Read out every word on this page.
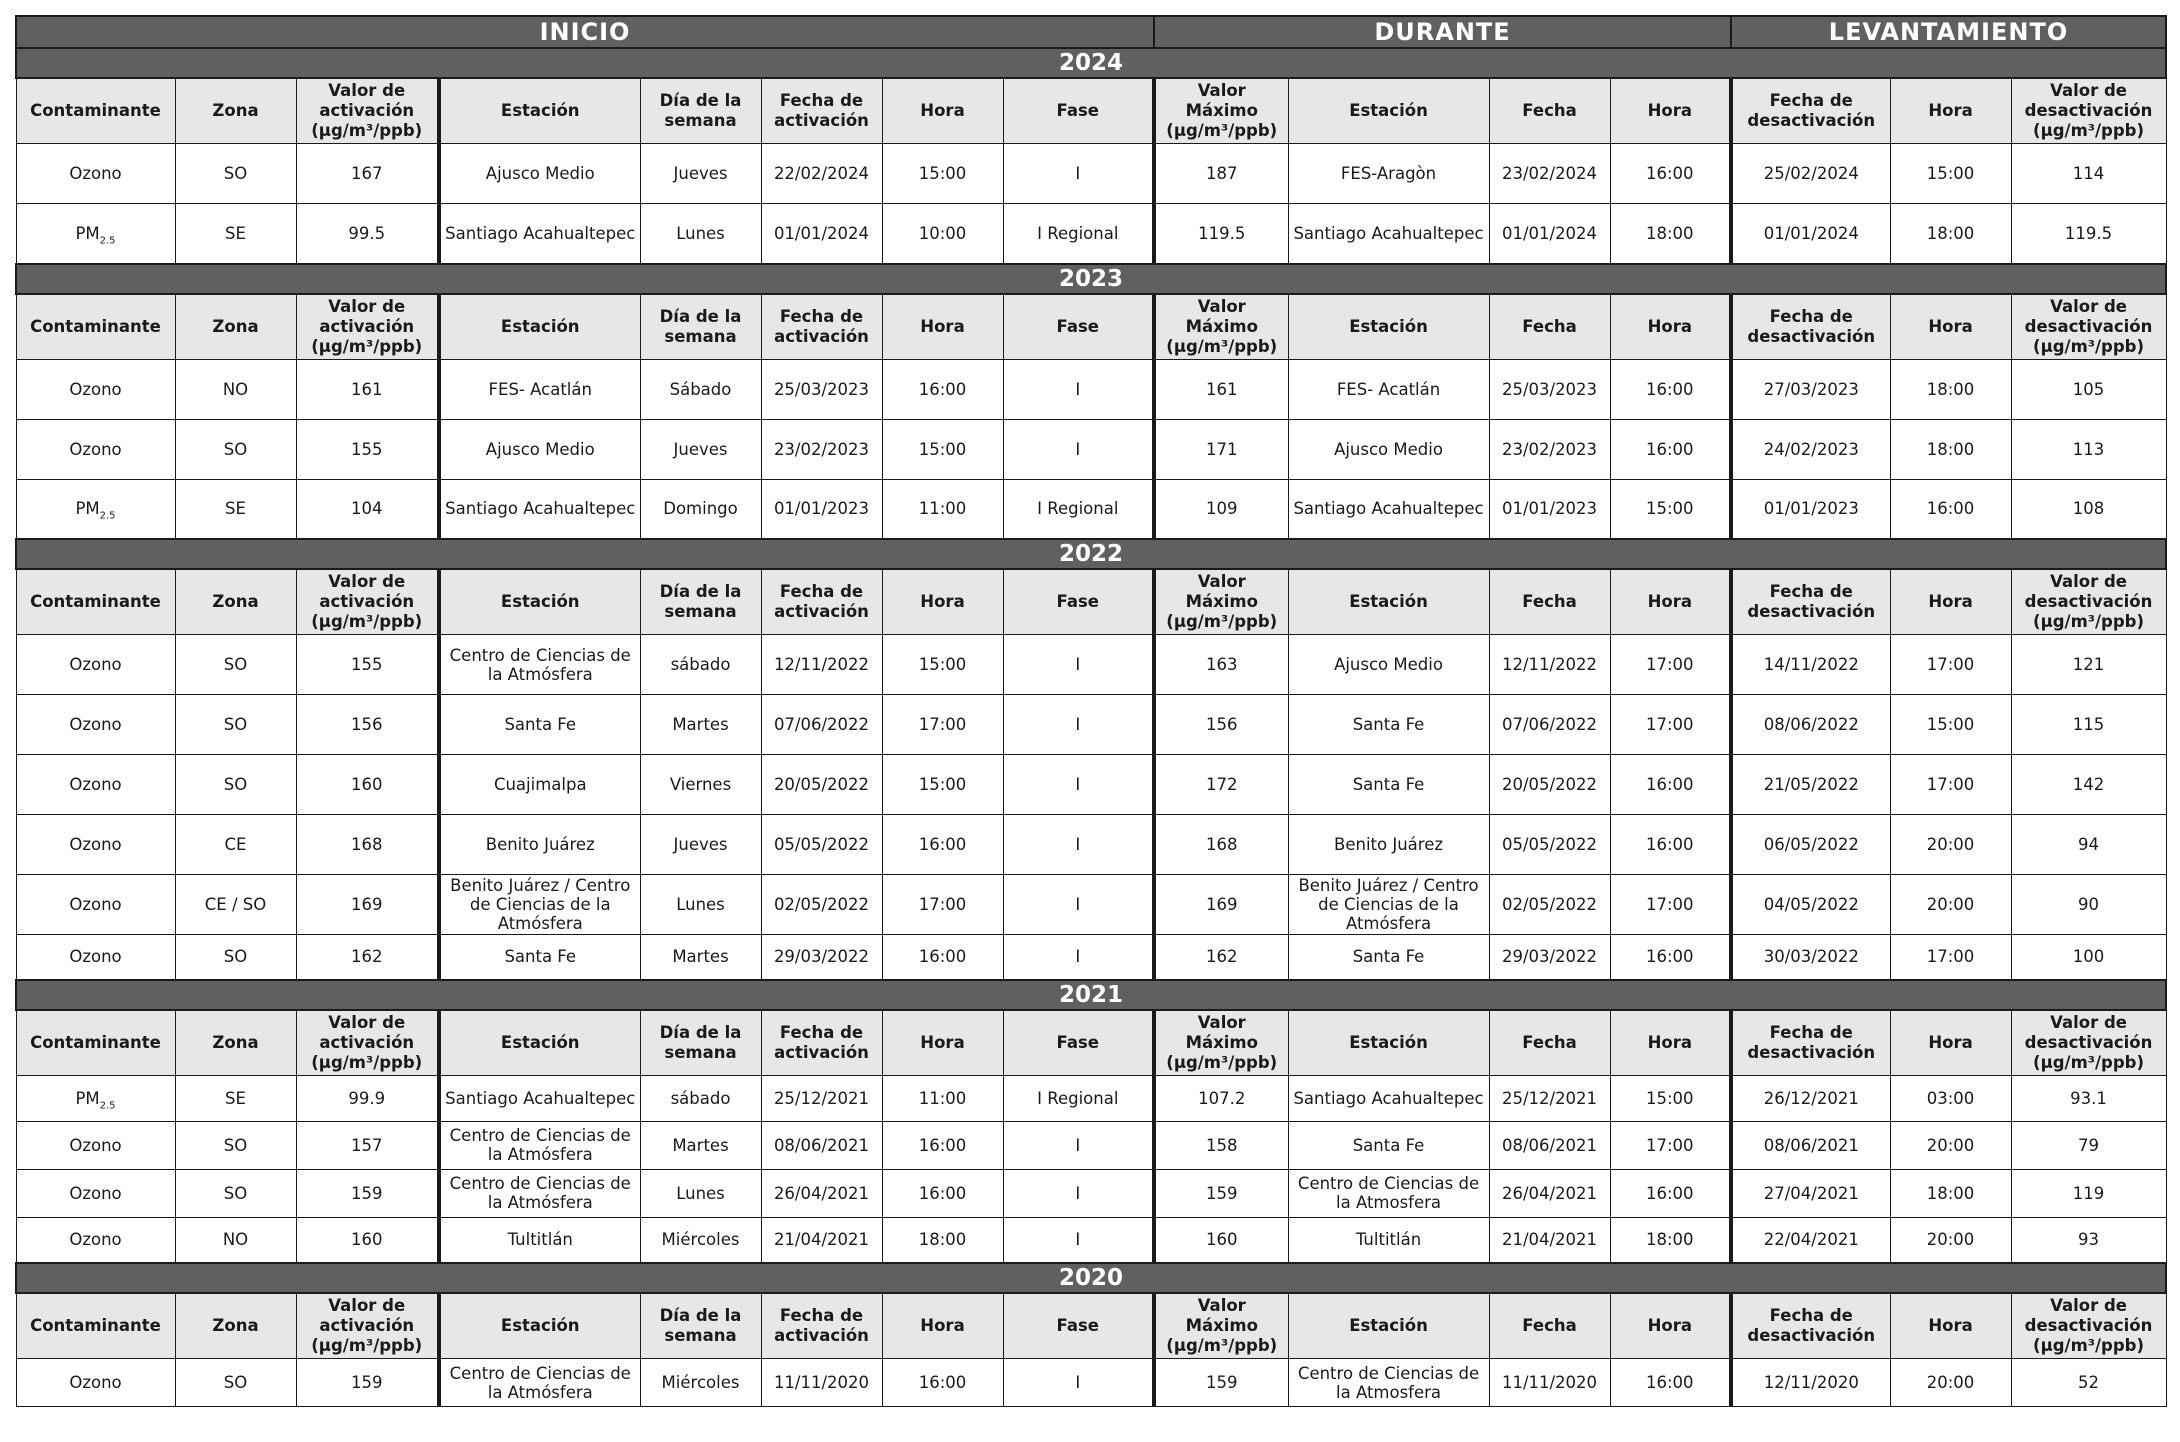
INICIO								DURANTE				LEVANTAMIENTO		
2024														
Contaminante	Zona	Valor de activación (µg/m³/ppb)	Estación	Día de la semana	Fecha de activación	Hora	Fase	Valor Máximo (µg/m³/ppb)	Estación	Fecha	Hora	Fecha de desactivación	Hora	Valor de desactivación (µg/m³/ppb)
Ozono	SO	167	Ajusco Medio	Jueves	22/02/2024	15:00	I	187	FES-Aragòn	23/02/2024	16:00	25/02/2024	15:00	114
$PM_{2.5}$	SE	99.5	Santiago Acahualtepec	Lunes	01/01/2024	10:00	I Regional	119.5	Santiago Acahualtepec	01/01/2024	18:00	01/01/2024	18:00	119.5
2023														
Contaminante	Zona	Valor de activación (µg/m³/ppb)	Estación	Día de la semana	Fecha de activación	Hora	Fase	Valor Máximo (µg/m³/ppb)	Estación	Fecha	Hora	Fecha de desactivación	Hora	Valor de desactivación (µg/m³/ppb)
Ozono	NO	161	FES- Acatlán	Sábado	25/03/2023	16:00	I	161	FES- Acatlán	25/03/2023	16:00	27/03/2023	18:00	105
Ozono	SO	155	Ajusco Medio	Jueves	23/02/2023	15:00	I	171	Ajusco Medio	23/02/2023	16:00	24/02/2023	18:00	113
$PM_{2.5}$	SE	104	Santiago Acahualtepec	Domingo	01/01/2023	11:00	I Regional	109	Santiago Acahualtepec	01/01/2023	15:00	01/01/2023	16:00	108
2022														
Contaminante	Zona	Valor de activación (µg/m³/ppb)	Estación	Día de la semana	Fecha de activación	Hora	Fase	Valor Máximo (µg/m³/ppb)	Estación	Fecha	Hora	Fecha de desactivación	Hora	Valor de desactivación (µg/m³/ppb)
Ozono	SO	155	Centro de Ciencias de la Atmósfera	sábado	12/11/2022	15:00	I	163	Ajusco Medio	12/11/2022	17:00	14/11/2022	17:00	121
Ozono	SO	156	Santa Fe	Martes	07/06/2022	17:00	I	156	Santa Fe	07/06/2022	17:00	08/06/2022	15:00	115
Ozono	SO	160	Cuajimalpa	Viernes	20/05/2022	15:00	I	172	Santa Fe	20/05/2022	16:00	21/05/2022	17:00	142
Ozono	CE	168	Benito Juárez	Jueves	05/05/2022	16:00	I	168	Benito Juárez	05/05/2022	16:00	06/05/2022	20:00	94
Ozono	CE / SO	169	Benito Juárez / Centro de Ciencias de la Atmósfera	Lunes	02/05/2022	17:00	I	169	Benito Juárez / Centro de Ciencias de la Atmósfera	02/05/2022	17:00	04/05/2022	20:00	90
Ozono	SO	162	Santa Fe	Martes	29/03/2022	16:00	I	162	Santa Fe	29/03/2022	16:00	30/03/2022	17:00	100
2021														
Contaminante	Zona	Valor de activación (µg/m³/ppb)	Estación	Día de la semana	Fecha de activación	Hora	Fase	Valor Máximo (µg/m³/ppb)	Estación	Fecha	Hora	Fecha de desactivación	Hora	Valor de desactivación (µg/m³/ppb)
$PM_{2.5}$	SE	99.9	Santiago Acahualtepec	sábado	25/12/2021	11:00	I Regional	107.2	Santiago Acahualtepec	25/12/2021	15:00	26/12/2021	03:00	93.1
Ozono	SO	157	Centro de Ciencias de la Atmósfera	Martes	08/06/2021	16:00	I	158	Santa Fe	08/06/2021	17:00	08/06/2021	20:00	79
Ozono	SO	159	Centro de Ciencias de la Atmósfera	Lunes	26/04/2021	16:00	I	159	Centro de Ciencias de la Atmosfera	26/04/2021	16:00	27/04/2021	18:00	119
Ozono	NO	160	Tultitlán	Miércoles	21/04/2021	18:00	I	160	Tultitlán	21/04/2021	18:00	22/04/2021	20:00	93
2020														
Contaminante	Zona	Valor de activación (µg/m³/ppb)	Estación	Día de la semana	Fecha de activación	Hora	Fase	Valor Máximo (µg/m³/ppb)	Estación	Fecha	Hora	Fecha de desactivación	Hora	Valor de desactivación (µg/m³/ppb)
Ozono	SO	159	Centro de Ciencias de la Atmósfera	Miércoles	11/11/2020	16:00	I	159	Centro de Ciencias de la Atmosfera	11/11/2020	16:00	12/11/2020	20:00	52
